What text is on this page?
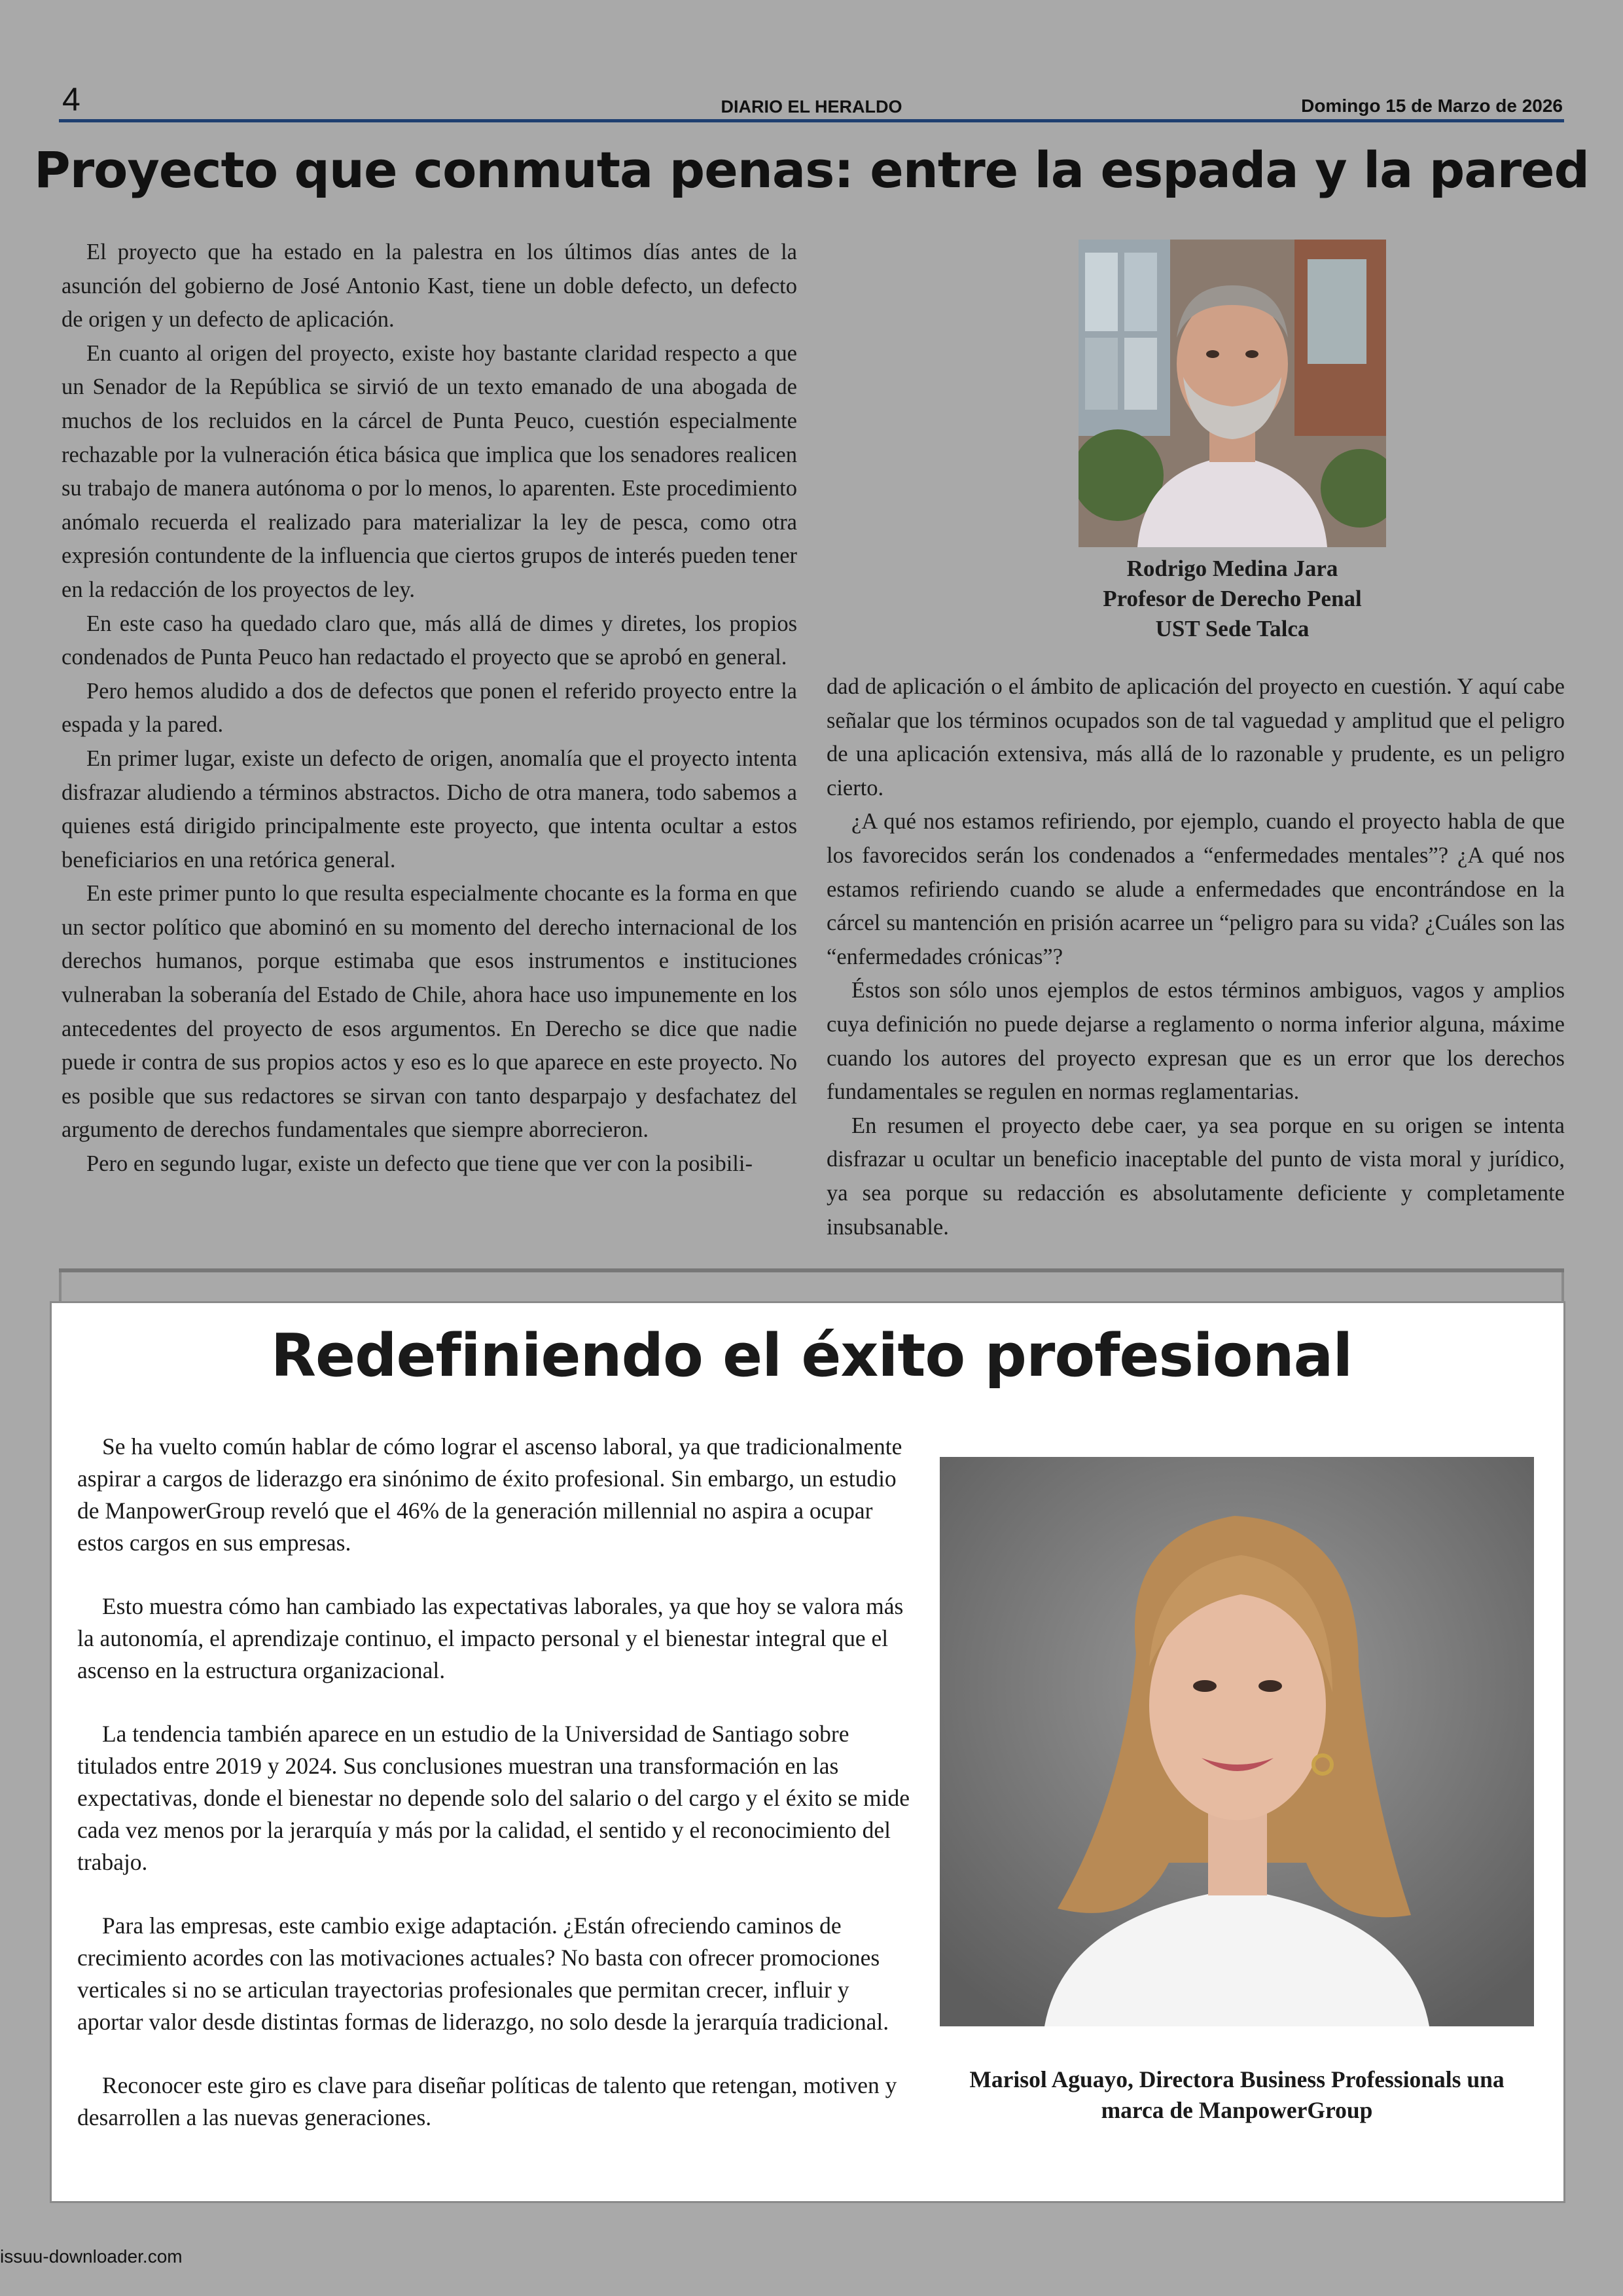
4	DIARIO EL HERALDO	Domingo 15 de Marzo de 2026
Proyecto que conmuta penas: entre la espada y la pared

El proyecto que ha estado en la palestra en los últimos días antes de la asunción del gobierno de José Antonio Kast, tiene un doble defecto, un defecto de origen y un defecto de aplicación.

En cuanto al origen del proyecto, existe hoy bastante claridad respecto a que un Senador de la República se sirvió de un texto emanado de una abogada de muchos de los recluidos en la cárcel de Punta Peuco, cuestión especialmente rechazable por la vulneración ética básica que implica que los senadores realicen su trabajo de manera autónoma o por lo menos, lo aparenten. Este procedimiento anómalo recuerda el realizado para materializar la ley de pesca, como otra expresión contundente de la influencia que ciertos grupos de interés pueden tener en la redacción de los proyectos de ley.

En este caso ha quedado claro que, más allá de dimes y diretes, los propios condenados de Punta Peuco han redactado el proyecto que se aprobó en general.

Pero hemos aludido a dos de defectos que ponen el referido proyecto entre la espada y la pared.

En primer lugar, existe un defecto de origen, anomalía que el proyecto intenta disfrazar aludiendo a términos abstractos. Dicho de otra manera, todo sabemos a quienes está dirigido principalmente este proyecto, que intenta ocultar a estos beneficiarios en una retórica general.

En este primer punto lo que resulta especialmente chocante es la forma en que un sector político que abominó en su momento del derecho internacional de los derechos humanos, porque estimaba que esos instrumentos e instituciones vulneraban la soberanía del Estado de Chile, ahora hace uso impunemente en los antecedentes del proyecto de esos argumentos. En Derecho se dice que nadie puede ir contra de sus propios actos y eso es lo que aparece en este proyecto. No es posible que sus redactores se sirvan con tanto desparpajo y desfachatez del argumento de derechos fundamentales que siempre aborrecieron.

Pero en segundo lugar, existe un defecto que tiene que ver con la posibili-

Rodrigo Medina Jara
Profesor de Derecho Penal
UST Sede Talca

dad de aplicación o el ámbito de aplicación del proyecto en cuestión. Y aquí cabe señalar que los términos ocupados son de tal vaguedad y amplitud que el peligro de una aplicación extensiva, más allá de lo razonable y prudente, es un peligro cierto.

¿A qué nos estamos refiriendo, por ejemplo, cuando el proyecto habla de que los favorecidos serán los condenados a “enfermedades mentales”? ¿A qué nos estamos refiriendo cuando se alude a enfermedades que encontrándose en la cárcel su mantención en prisión acarree un “peligro para su vida? ¿Cuáles son las “enfermedades crónicas”?

Éstos son sólo unos ejemplos de estos términos ambiguos, vagos y amplios cuya definición no puede dejarse a reglamento o norma inferior alguna, máxime cuando los autores del proyecto expresan que es un error que los derechos fundamentales se regulen en normas reglamentarias.

En resumen el proyecto debe caer, ya sea porque en su origen se intenta disfrazar u ocultar un beneficio inaceptable del punto de vista moral y jurídico, ya sea porque su redacción es absolutamente deficiente y completamente insubsanable.

Redefiniendo el éxito profesional

Se ha vuelto común hablar de cómo lograr el ascenso laboral, ya que tradicionalmente aspirar a cargos de liderazgo era sinónimo de éxito profesional. Sin embargo, un estudio de ManpowerGroup reveló que el 46% de la generación millennial no aspira a ocupar estos cargos en sus empresas.

Esto muestra cómo han cambiado las expectativas laborales, ya que hoy se valora más la autonomía, el aprendizaje continuo, el impacto personal y el bienestar integral que el ascenso en la estructura organizacional.

La tendencia también aparece en un estudio de la Universidad de Santiago sobre titulados entre 2019 y 2024. Sus conclusiones muestran una transformación en las expectativas, donde el bienestar no depende solo del salario o del cargo y el éxito se mide cada vez menos por la jerarquía y más por la calidad, el sentido y el reconocimiento del trabajo.

Para las empresas, este cambio exige adaptación. ¿Están ofreciendo caminos de crecimiento acordes con las motivaciones actuales? No basta con ofrecer promociones verticales si no se articulan trayectorias profesionales que permitan crecer, influir y aportar valor desde distintas formas de liderazgo, no solo desde la jerarquía tradicional.

Reconocer este giro es clave para diseñar políticas de talento que retengan, motiven y desarrollen a las nuevas generaciones.

Marisol Aguayo, Directora Business Professionals una
marca de ManpowerGroup
issuu-downloader.com
